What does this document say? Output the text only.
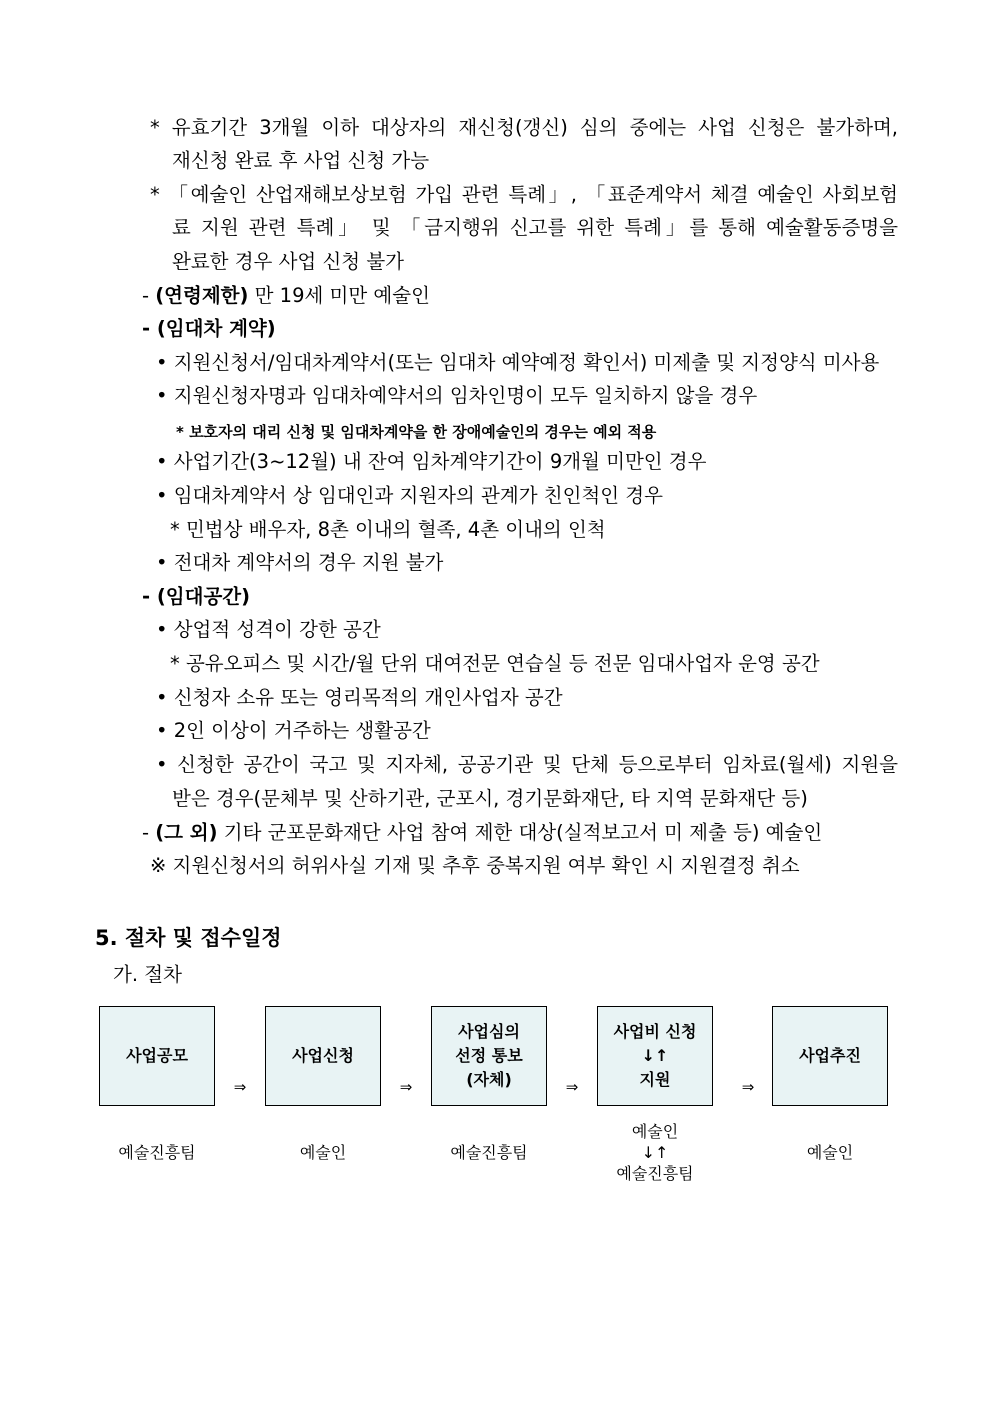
* 유효기간 3개월 이하 대상자의 재신청(갱신) 심의 중에는 사업 신청은 불가하며,
재신청 완료 후 사업 신청 가능
* 「예술인 산업재해보상보험 가입 관련 특례」, 「표준계약서 체결 예술인 사회보험
료 지원 관련 특례」 및 「금지행위 신고를 위한 특례」를 통해 예술활동증명을
완료한 경우 사업 신청 불가
- (연령제한) 만 19세 미만 예술인
- (임대차 계약)
• 지원신청서/임대차계약서(또는 임대차 예약예정 확인서) 미제출 및 지정양식 미사용
• 지원신청자명과 임대차예약서의 임차인명이 모두 일치하지 않을 경우
* 보호자의 대리 신청 및 임대차계약을 한 장애예술인의 경우는 예외 적용
• 사업기간(3~12월) 내 잔여 임차계약기간이 9개월 미만인 경우
• 임대차계약서 상 임대인과 지원자의 관계가 친인척인 경우
* 민법상 배우자, 8촌 이내의 혈족, 4촌 이내의 인척
• 전대차 계약서의 경우 지원 불가
- (임대공간)
• 상업적 성격이 강한 공간
* 공유오피스 및 시간/월 단위 대여전문 연습실 등 전문 임대사업자 운영 공간
• 신청자 소유 또는 영리목적의 개인사업자 공간
• 2인 이상이 거주하는 생활공간
• 신청한 공간이 국고 및 지자체, 공공기관 및 단체 등으로부터 임차료(월세) 지원을
받은 경우(문체부 및 산하기관, 군포시, 경기문화재단, 타 지역 문화재단 등)
- (그 외) 기타 군포문화재단 사업 참여 제한 대상(실적보고서 미 제출 등) 예술인
※ 지원신청서의 허위사실 기재 및 추후 중복지원 여부 확인 시 지원결정 취소
5. 절차 및 접수일정
가. 절차
사업공모
⇒
사업신청
⇒
사업심의
선정 통보
(자체)	⇒
사업비 신청
↓↑
지원	⇒
사업추진
예술진흥팀	예술인	예술진흥팀
예술인
↓↑
예술진흥팀
예술인
